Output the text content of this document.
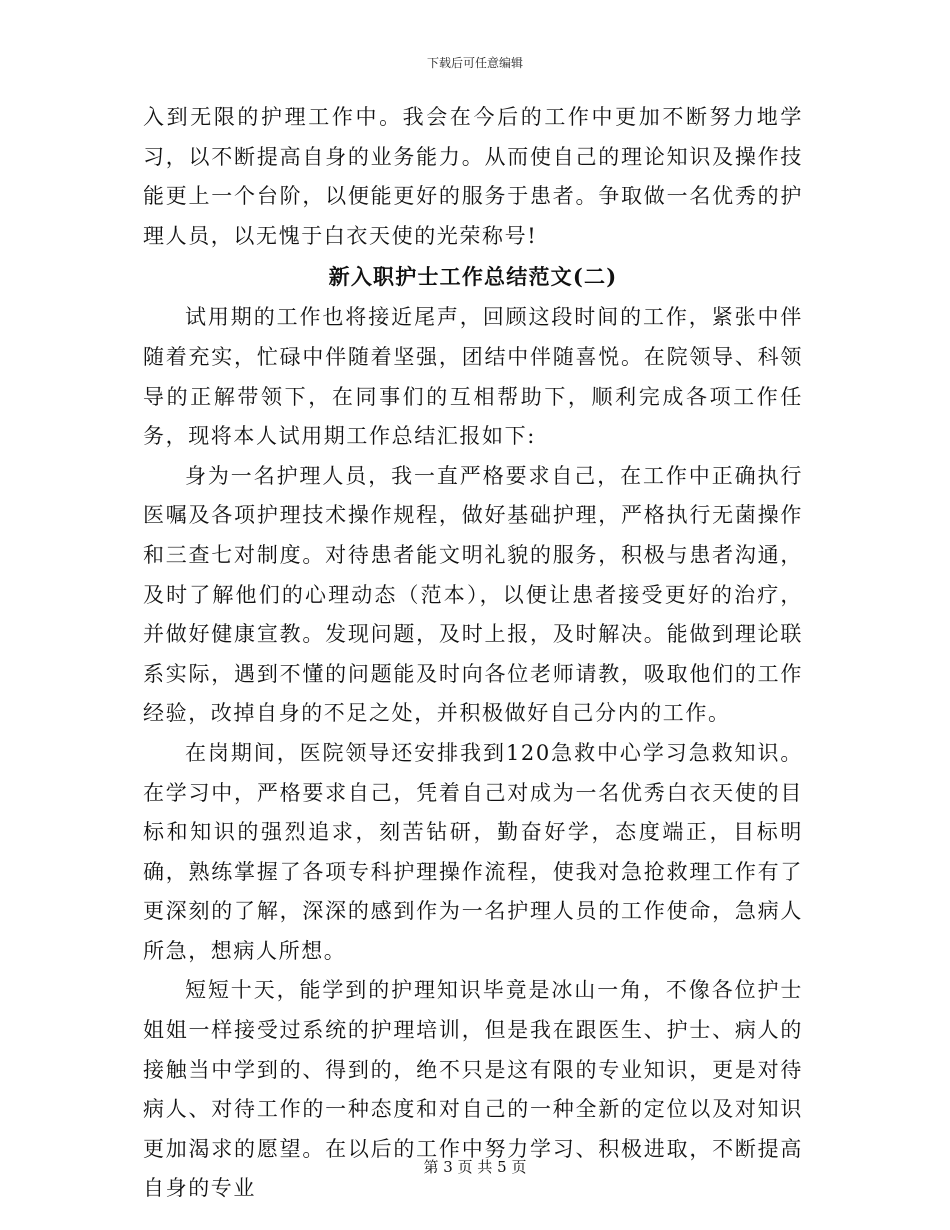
下载后可任意编辑

入到无限的护理工作中。我会在今后的工作中更加不断努力地学习，以不断提高自身的业务能力。从而使自己的理论知识及操作技能更上一个台阶，以便能更好的服务于患者。争取做一名优秀的护理人员，以无愧于白衣天使的光荣称号!

新入职护士工作总结范文(二)

试用期的工作也将接近尾声，回顾这段时间的工作，紧张中伴随着充实，忙碌中伴随着坚强，团结中伴随喜悦。在院领导、科领导的正解带领下，在同事们的互相帮助下，顺利完成各项工作任务，现将本人试用期工作总结汇报如下:

身为一名护理人员，我一直严格要求自己，在工作中正确执行医嘱及各项护理技术操作规程，做好基础护理，严格执行无菌操作和三查七对制度。对待患者能文明礼貌的服务，积极与患者沟通，及时了解他们的心理动态（范本），以便让患者接受更好的治疗，并做好健康宣教。发现问题，及时上报，及时解决。能做到理论联系实际，遇到不懂的问题能及时向各位老师请教，吸取他们的工作经验，改掉自身的不足之处，并积极做好自己分内的工作。

在岗期间，医院领导还安排我到120急救中心学习急救知识。在学习中，严格要求自己，凭着自己对成为一名优秀白衣天使的目标和知识的强烈追求，刻苦钻研，勤奋好学，态度端正，目标明确，熟练掌握了各项专科护理操作流程，使我对急抢救理工作有了更深刻的了解，深深的感到作为一名护理人员的工作使命，急病人所急，想病人所想。

短短十天，能学到的护理知识毕竟是冰山一角，不像各位护士姐姐一样接受过系统的护理培训，但是我在跟医生、护士、病人的接触当中学到的、得到的，绝不只是这有限的专业知识，更是对待病人、对待工作的一种态度和对自己的一种全新的定位以及对知识更加渴求的愿望。在以后的工作中努力学习、积极进取，不断提高自身的专业

第 3 页 共 5 页
